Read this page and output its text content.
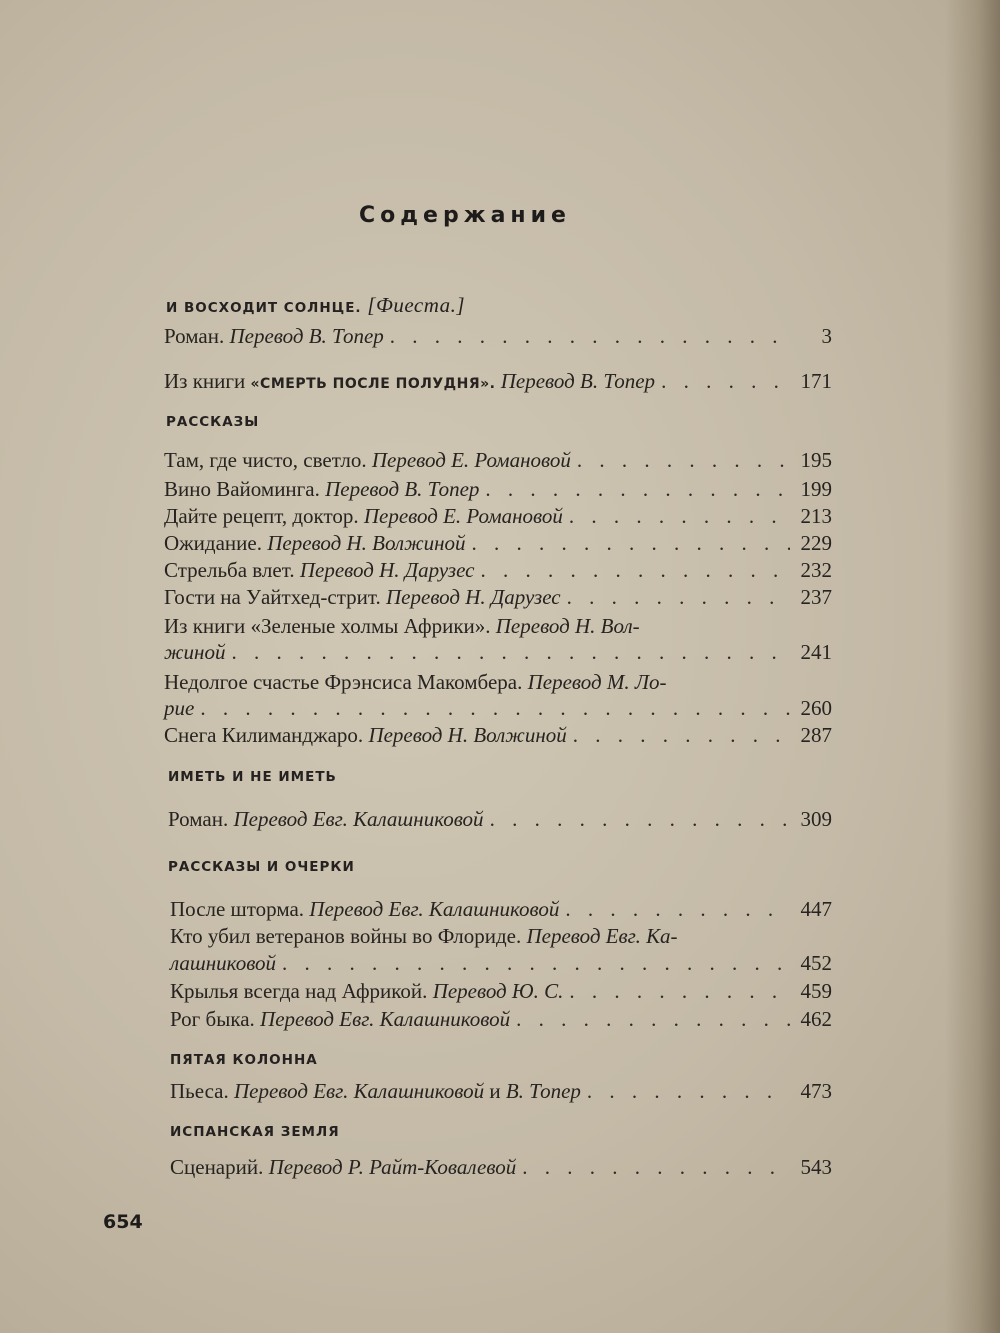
Содержание
И ВОСХОДИТ СОЛНЦЕ. [Фиеста.]
Роман.
Перевод В. Топер . . .	3
Из книги
«СМЕРТЬ ПОСЛЕ ПОЛУДНЯ».
Перевод В. Топер . . .	171
РАССКАЗЫ
Там, где чисто, светло.
Перевод Е. Романовой . . .	195
Вино Вайоминга.
Перевод В. Топер . . .	199
Дайте рецепт, доктор.
Перевод Е. Романовой . . .	213
Ожидание.
Перевод Н. Волжиной . . .	229
Стрельба влет.
Перевод Н. Дарузес . . .	232
Гости на Уайтхед-стрит.
Перевод Н. Дарузес . . .	237
Из книги «Зеленые холмы Африки».
Перевод Н. Вол-
жиной . . .	241
Недолгое счастье Фрэнсиса Макомбера.
Перевод М. Ло-
рие . . .	260
Снега Килиманджаро.
Перевод Н. Волжиной . . .	287
ИМЕТЬ И НЕ ИМЕТЬ
Роман.
Перевод Евг. Калашниковой . . .	309
РАССКАЗЫ И ОЧЕРКИ
После шторма.
Перевод Евг. Калашниковой . . .	447
Кто убил ветеранов войны во Флориде.
Перевод Евг. Ка-
лашниковой . . .	452
Крылья всегда над Африкой.
Перевод Ю. С. . . .	459
Рог быка.
Перевод Евг. Калашниковой . . .	462
ПЯТАЯ КОЛОННА
Пьеса.
Перевод Евг. Калашниковой
и
В. Топер . . .	473
ИСПАНСКАЯ ЗЕМЛЯ
Сценарий.
Перевод Р. Райт-Ковалевой . . .	543
654
